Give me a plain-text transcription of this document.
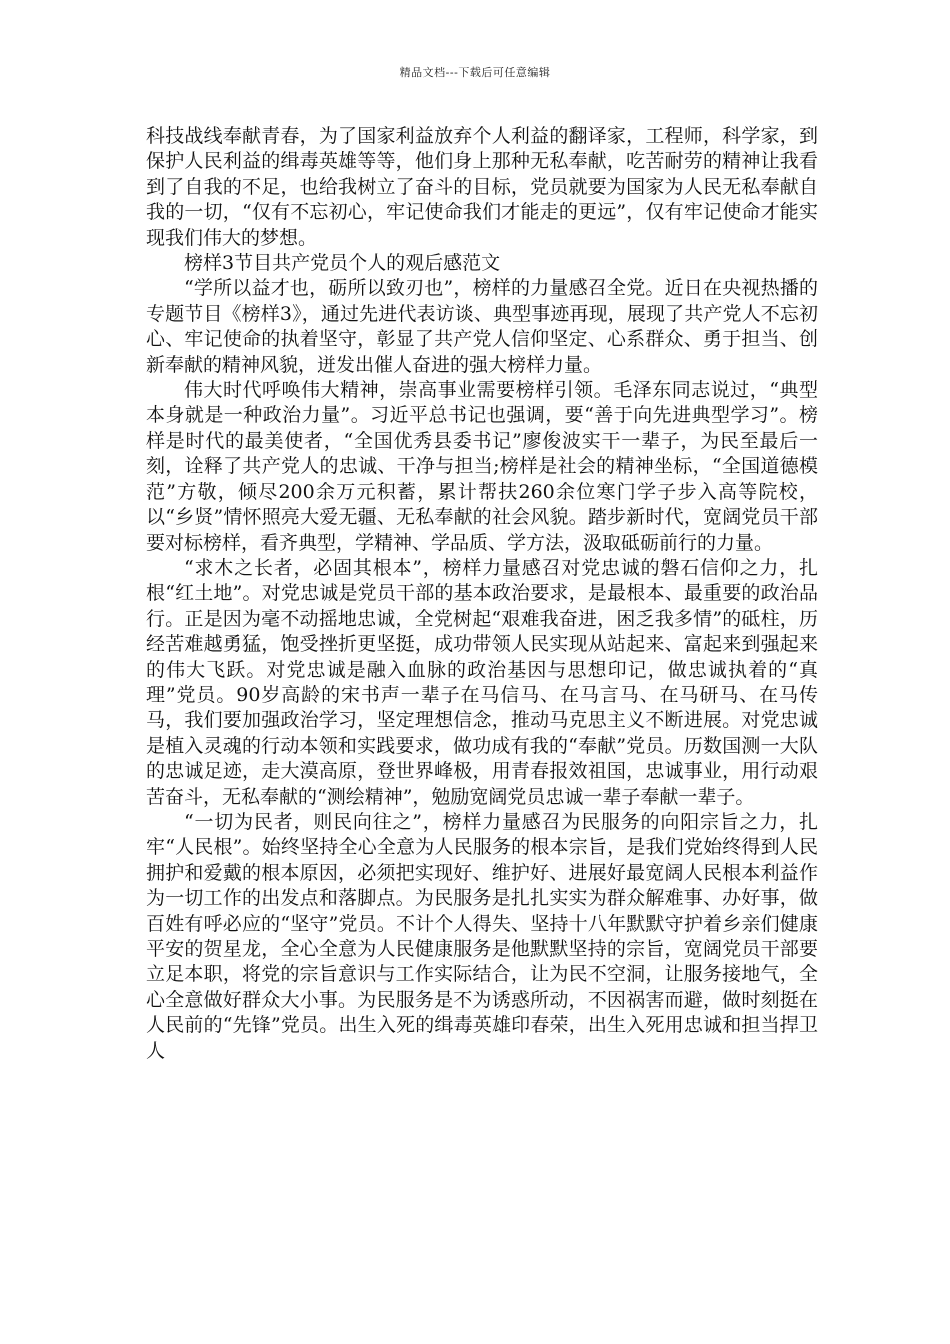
精品文档---下载后可任意编辑

科技战线奉献青春，为了国家利益放弃个人利益的翻译家，工程师，科学家，到保护人民利益的缉毒英雄等等，他们身上那种无私奉献，吃苦耐劳的精神让我看到了自我的不足，也给我树立了奋斗的目标，党员就要为国家为人民无私奉献自我的一切，“仅有不忘初心，牢记使命我们才能走的更远”，仅有牢记使命才能实现我们伟大的梦想。

榜样3节目共产党员个人的观后感范文

“学所以益才也，砺所以致刃也”，榜样的力量感召全党。近日在央视热播的专题节目《榜样3》，通过先进代表访谈、典型事迹再现，展现了共产党人不忘初心、牢记使命的执着坚守，彰显了共产党人信仰坚定、心系群众、勇于担当、创新奉献的精神风貌，迸发出催人奋进的强大榜样力量。

伟大时代呼唤伟大精神，崇高事业需要榜样引领。毛泽东同志说过，“典型本身就是一种政治力量”。习近平总书记也强调，要“善于向先进典型学习”。榜样是时代的最美使者，“全国优秀县委书记”廖俊波实干一辈子，为民至最后一刻，诠释了共产党人的忠诚、干净与担当;榜样是社会的精神坐标，“全国道德模范”方敬，倾尽200余万元积蓄，累计帮扶260余位寒门学子步入高等院校，以“乡贤”情怀照亮大爱无疆、无私奉献的社会风貌。踏步新时代，宽阔党员干部要对标榜样，看齐典型，学精神、学品质、学方法，汲取砥砺前行的力量。

“求木之长者，必固其根本”，榜样力量感召对党忠诚的磐石信仰之力，扎根“红土地”。对党忠诚是党员干部的基本政治要求，是最根本、最重要的政治品行。正是因为毫不动摇地忠诚，全党树起“艰难我奋进，困乏我多情”的砥柱，历经苦难越勇猛，饱受挫折更坚挺，成功带领人民实现从站起来、富起来到强起来的伟大飞跃。对党忠诚是融入血脉的政治基因与思想印记，做忠诚执着的“真理”党员。90岁高龄的宋书声一辈子在马信马、在马言马、在马研马、在马传马，我们要加强政治学习，坚定理想信念，推动马克思主义不断进展。对党忠诚是植入灵魂的行动本领和实践要求，做功成有我的“奉献”党员。历数国测一大队的忠诚足迹，走大漠高原，登世界峰极，用青春报效祖国，忠诚事业，用行动艰苦奋斗，无私奉献的“测绘精神”，勉励宽阔党员忠诚一辈子奉献一辈子。

“一切为民者，则民向往之”，榜样力量感召为民服务的向阳宗旨之力，扎牢“人民根”。始终坚持全心全意为人民服务的根本宗旨，是我们党始终得到人民拥护和爱戴的根本原因，必须把实现好、维护好、进展好最宽阔人民根本利益作为一切工作的出发点和落脚点。为民服务是扎扎实实为群众解难事、办好事，做百姓有呼必应的“坚守”党员。不计个人得失、坚持十八年默默守护着乡亲们健康平安的贺星龙，全心全意为人民健康服务是他默默坚持的宗旨，宽阔党员干部要立足本职，将党的宗旨意识与工作实际结合，让为民不空洞，让服务接地气，全心全意做好群众大小事。为民服务是不为诱惑所动，不因祸害而避，做时刻挺在人民前的“先锋”党员。出生入死的缉毒英雄印春荣，出生入死用忠诚和担当捍卫人
